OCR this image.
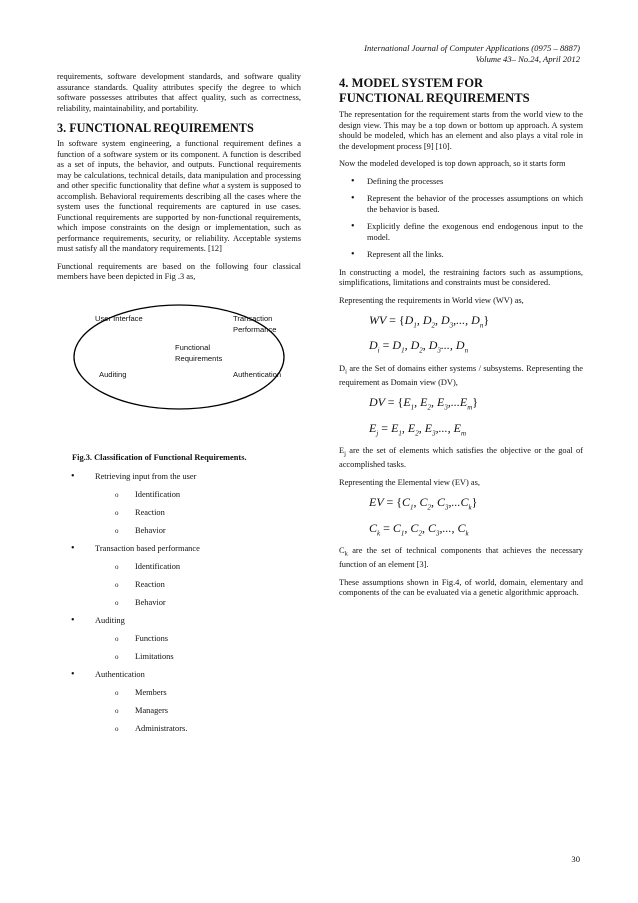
International Journal of Computer Applications (0975 – 8887)
Volume 43– No.24, April 2012

requirements, software development standards, and software quality assurance standards. Quality attributes specify the degree to which software possesses attributes that affect quality, such as correctness, reliability, maintainability, and portability.

3. FUNCTIONAL REQUIREMENTS

In software system engineering, a functional requirement defines a function of a software system or its component. A function is described as a set of inputs, the behavior, and outputs. Functional requirements may be calculations, technical details, data manipulation and processing and other specific functionality that define what a system is supposed to accomplish. Behavioral requirements describing all the cases where the system uses the functional requirements are captured in use cases. Functional requirements are supported by non-functional requirements, which impose constraints on the design or implementation, such as performance requirements, security, or reliability. Acceptable systems must satisfy all the mandatory requirements. [12]

Functional requirements are based on the following four classical members have been depicted in Fig .3 as,

User Interface	Transaction
Performance
Functional
Requirements
Auditing	Authentication
Fig.3. Classification of Functional Requirements.
• Retrieving input from the user
o Identification
o Reaction
o Behavior
• Transaction based performance
o Identification
o Reaction
o Behavior
• Auditing
o Functions
o Limitations
• Authentication
o Members
o Managers
o Administrators.
4. MODEL SYSTEM FOR
FUNCTIONAL REQUIREMENTS

The representation for the requirement starts from the world view to the design view. This may be a top down or bottom up approach. A system should be modeled, which has an element and also plays a vital role in the development process [9] [10].

Now the modeled developed is top down approach, so it starts form

• Defining the processes
• Represent the behavior of the processes assumptions on which the behavior is based.
• Explicitly define the exogenous end endogenous input to the model.
• Represent all the links.

In constructing a model, the restraining factors such as assumptions, simplifications, limitations and constraints must be considered.

Representing the requirements in World view (WV) as,

WV = {$D_1$, $D_2$, $D_3$,..., $D_n$}
$D_i = D_1$, $D_2$, $D_3$..., $D_n$

$D_i$ are the Set of domains either systems / subsystems. Representing the requirement as Domain view (DV),

DV = {$E_1$, $E_2$, $E_3,...E_m$}
$E_j = E_1$, $E_2$, $E_3$,..., $E_m$

$E_j$ are the set of elements which satisfies the objective or the goal of accomplished tasks.

Representing the Elemental view (EV) as,

EV = {$C_1$, $C_2$, $C_3,...C_k$}
$C_k = C_1$, $C_2$, $C_3$,..., $C_k$

$C_k$ are the set of technical components that achieves the necessary function of an element [3].

These assumptions shown in Fig.4, of world, domain, elementary and components of the can be evaluated via a genetic algorithmic approach.

30
